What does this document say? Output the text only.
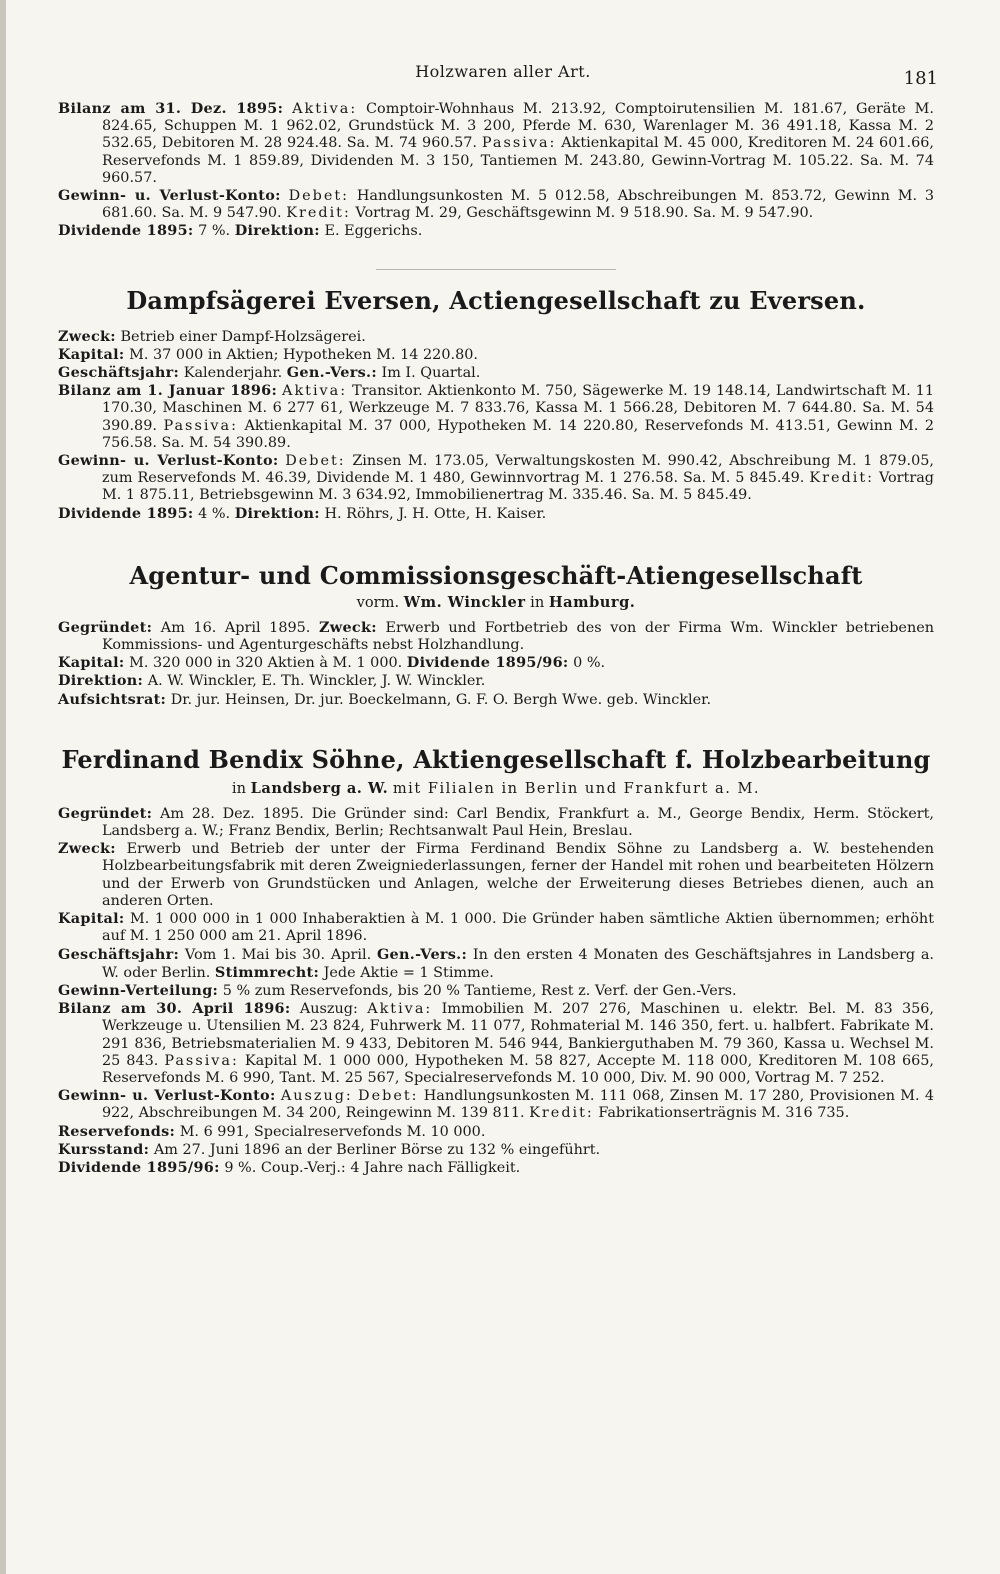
Holzwaren aller Art.	181

Bilanz am 31. Dez. 1895: Aktiva: Comptoir-Wohnhaus M. 213.92, Comptoirutensilien M. 181.67, Geräte M. 824.65, Schuppen M. 1 962.02, Grundstück M. 3 200, Pferde M. 630, Warenlager M. 36 491.18, Kassa M. 2 532.65, Debitoren M. 28 924.48. Sa. M. 74 960.57. Passiva: Aktienkapital M. 45 000, Kreditoren M. 24 601.66, Reservefonds M. 1 859.89, Dividenden M. 3 150, Tantiemen M. 243.80, Gewinn-Vortrag M. 105.22. Sa. M. 74 960.57.

Gewinn- u. Verlust-Konto: Debet: Handlungsunkosten M. 5 012.58, Abschreibungen M. 853.72, Gewinn M. 3 681.60. Sa. M. 9 547.90. Kredit: Vortrag M. 29, Geschäftsgewinn M. 9 518.90. Sa. M. 9 547.90.

Dividende 1895: 7 %. Direktion: E. Eggerichs.

Dampfsägerei Eversen, Actiengesellschaft zu Eversen.

Zweck: Betrieb einer Dampf-Holzsägerei.

Kapital: M. 37 000 in Aktien; Hypotheken M. 14 220.80.

Geschäftsjahr: Kalenderjahr. Gen.-Vers.: Im I. Quartal.

Bilanz am 1. Januar 1896: Aktiva: Transitor. Aktienkonto M. 750, Sägewerke M. 19 148.14, Landwirtschaft M. 11 170.30, Maschinen M. 6 277 61, Werkzeuge M. 7 833.76, Kassa M. 1 566.28, Debitoren M. 7 644.80. Sa. M. 54 390.89. Passiva: Aktienkapital M. 37 000, Hypotheken M. 14 220.80, Reservefonds M. 413.51, Gewinn M. 2 756.58. Sa. M. 54 390.89.

Gewinn- u. Verlust-Konto: Debet: Zinsen M. 173.05, Verwaltungskosten M. 990.42, Abschreibung M. 1 879.05, zum Reservefonds M. 46.39, Dividende M. 1 480, Gewinnvortrag M. 1 276.58. Sa. M. 5 845.49. Kredit: Vortrag M. 1 875.11, Betriebsgewinn M. 3 634.92, Immobilienertrag M. 335.46. Sa. M. 5 845.49.

Dividende 1895: 4 %. Direktion: H. Röhrs, J. H. Otte, H. Kaiser.

Agentur- und Commissionsgeschäft-Atiengesellschaft
vorm. Wm. Winckler in Hamburg.

Gegründet: Am 16. April 1895. Zweck: Erwerb und Fortbetrieb des von der Firma Wm. Winckler betriebenen Kommissions- und Agenturgeschäfts nebst Holzhandlung.

Kapital: M. 320 000 in 320 Aktien à M. 1 000. Dividende 1895/96: 0 %.

Direktion: A. W. Winckler, E. Th. Winckler, J. W. Winckler.

Aufsichtsrat: Dr. jur. Heinsen, Dr. jur. Boeckelmann, G. F. O. Bergh Wwe. geb. Winckler.

Ferdinand Bendix Söhne, Aktiengesellschaft f. Holzbearbeitung
in Landsberg a. W. mit Filialen in Berlin und Frankfurt a. M.

Gegründet: Am 28. Dez. 1895. Die Gründer sind: Carl Bendix, Frankfurt a. M., George Bendix, Herm. Stöckert, Landsberg a. W.; Franz Bendix, Berlin; Rechtsanwalt Paul Hein, Breslau.

Zweck: Erwerb und Betrieb der unter der Firma Ferdinand Bendix Söhne zu Landsberg a. W. bestehenden Holzbearbeitungsfabrik mit deren Zweigniederlassungen, ferner der Handel mit rohen und bearbeiteten Hölzern und der Erwerb von Grundstücken und Anlagen, welche der Erweiterung dieses Betriebes dienen, auch an anderen Orten.

Kapital: M. 1 000 000 in 1 000 Inhaberaktien à M. 1 000. Die Gründer haben sämtliche Aktien übernommen; erhöht auf M. 1 250 000 am 21. April 1896.

Geschäftsjahr: Vom 1. Mai bis 30. April. Gen.-Vers.: In den ersten 4 Monaten des Geschäftsjahres in Landsberg a. W. oder Berlin. Stimmrecht: Jede Aktie = 1 Stimme.

Gewinn-Verteilung: 5 % zum Reservefonds, bis 20 % Tantieme, Rest z. Verf. der Gen.-Vers.

Bilanz am 30. April 1896: Auszug: Aktiva: Immobilien M. 207 276, Maschinen u. elektr. Bel. M. 83 356, Werkzeuge u. Utensilien M. 23 824, Fuhrwerk M. 11 077, Rohmaterial M. 146 350, fert. u. halbfert. Fabrikate M. 291 836, Betriebsmaterialien M. 9 433, Debitoren M. 546 944, Bankierguthaben M. 79 360, Kassa u. Wechsel M. 25 843. Passiva: Kapital M. 1 000 000, Hypotheken M. 58 827, Accepte M. 118 000, Kreditoren M. 108 665, Reservefonds M. 6 990, Tant. M. 25 567, Specialreservefonds M. 10 000, Div. M. 90 000, Vortrag M. 7 252.

Gewinn- u. Verlust-Konto: Auszug: Debet: Handlungsunkosten M. 111 068, Zinsen M. 17 280, Provisionen M. 4 922, Abschreibungen M. 34 200, Reingewinn M. 139 811. Kredit: Fabrikationserträgnis M. 316 735.

Reservefonds: M. 6 991, Specialreservefonds M. 10 000.

Kursstand: Am 27. Juni 1896 an der Berliner Börse zu 132 % eingeführt.

Dividende 1895/96: 9 %. Coup.-Verj.: 4 Jahre nach Fälligkeit.
